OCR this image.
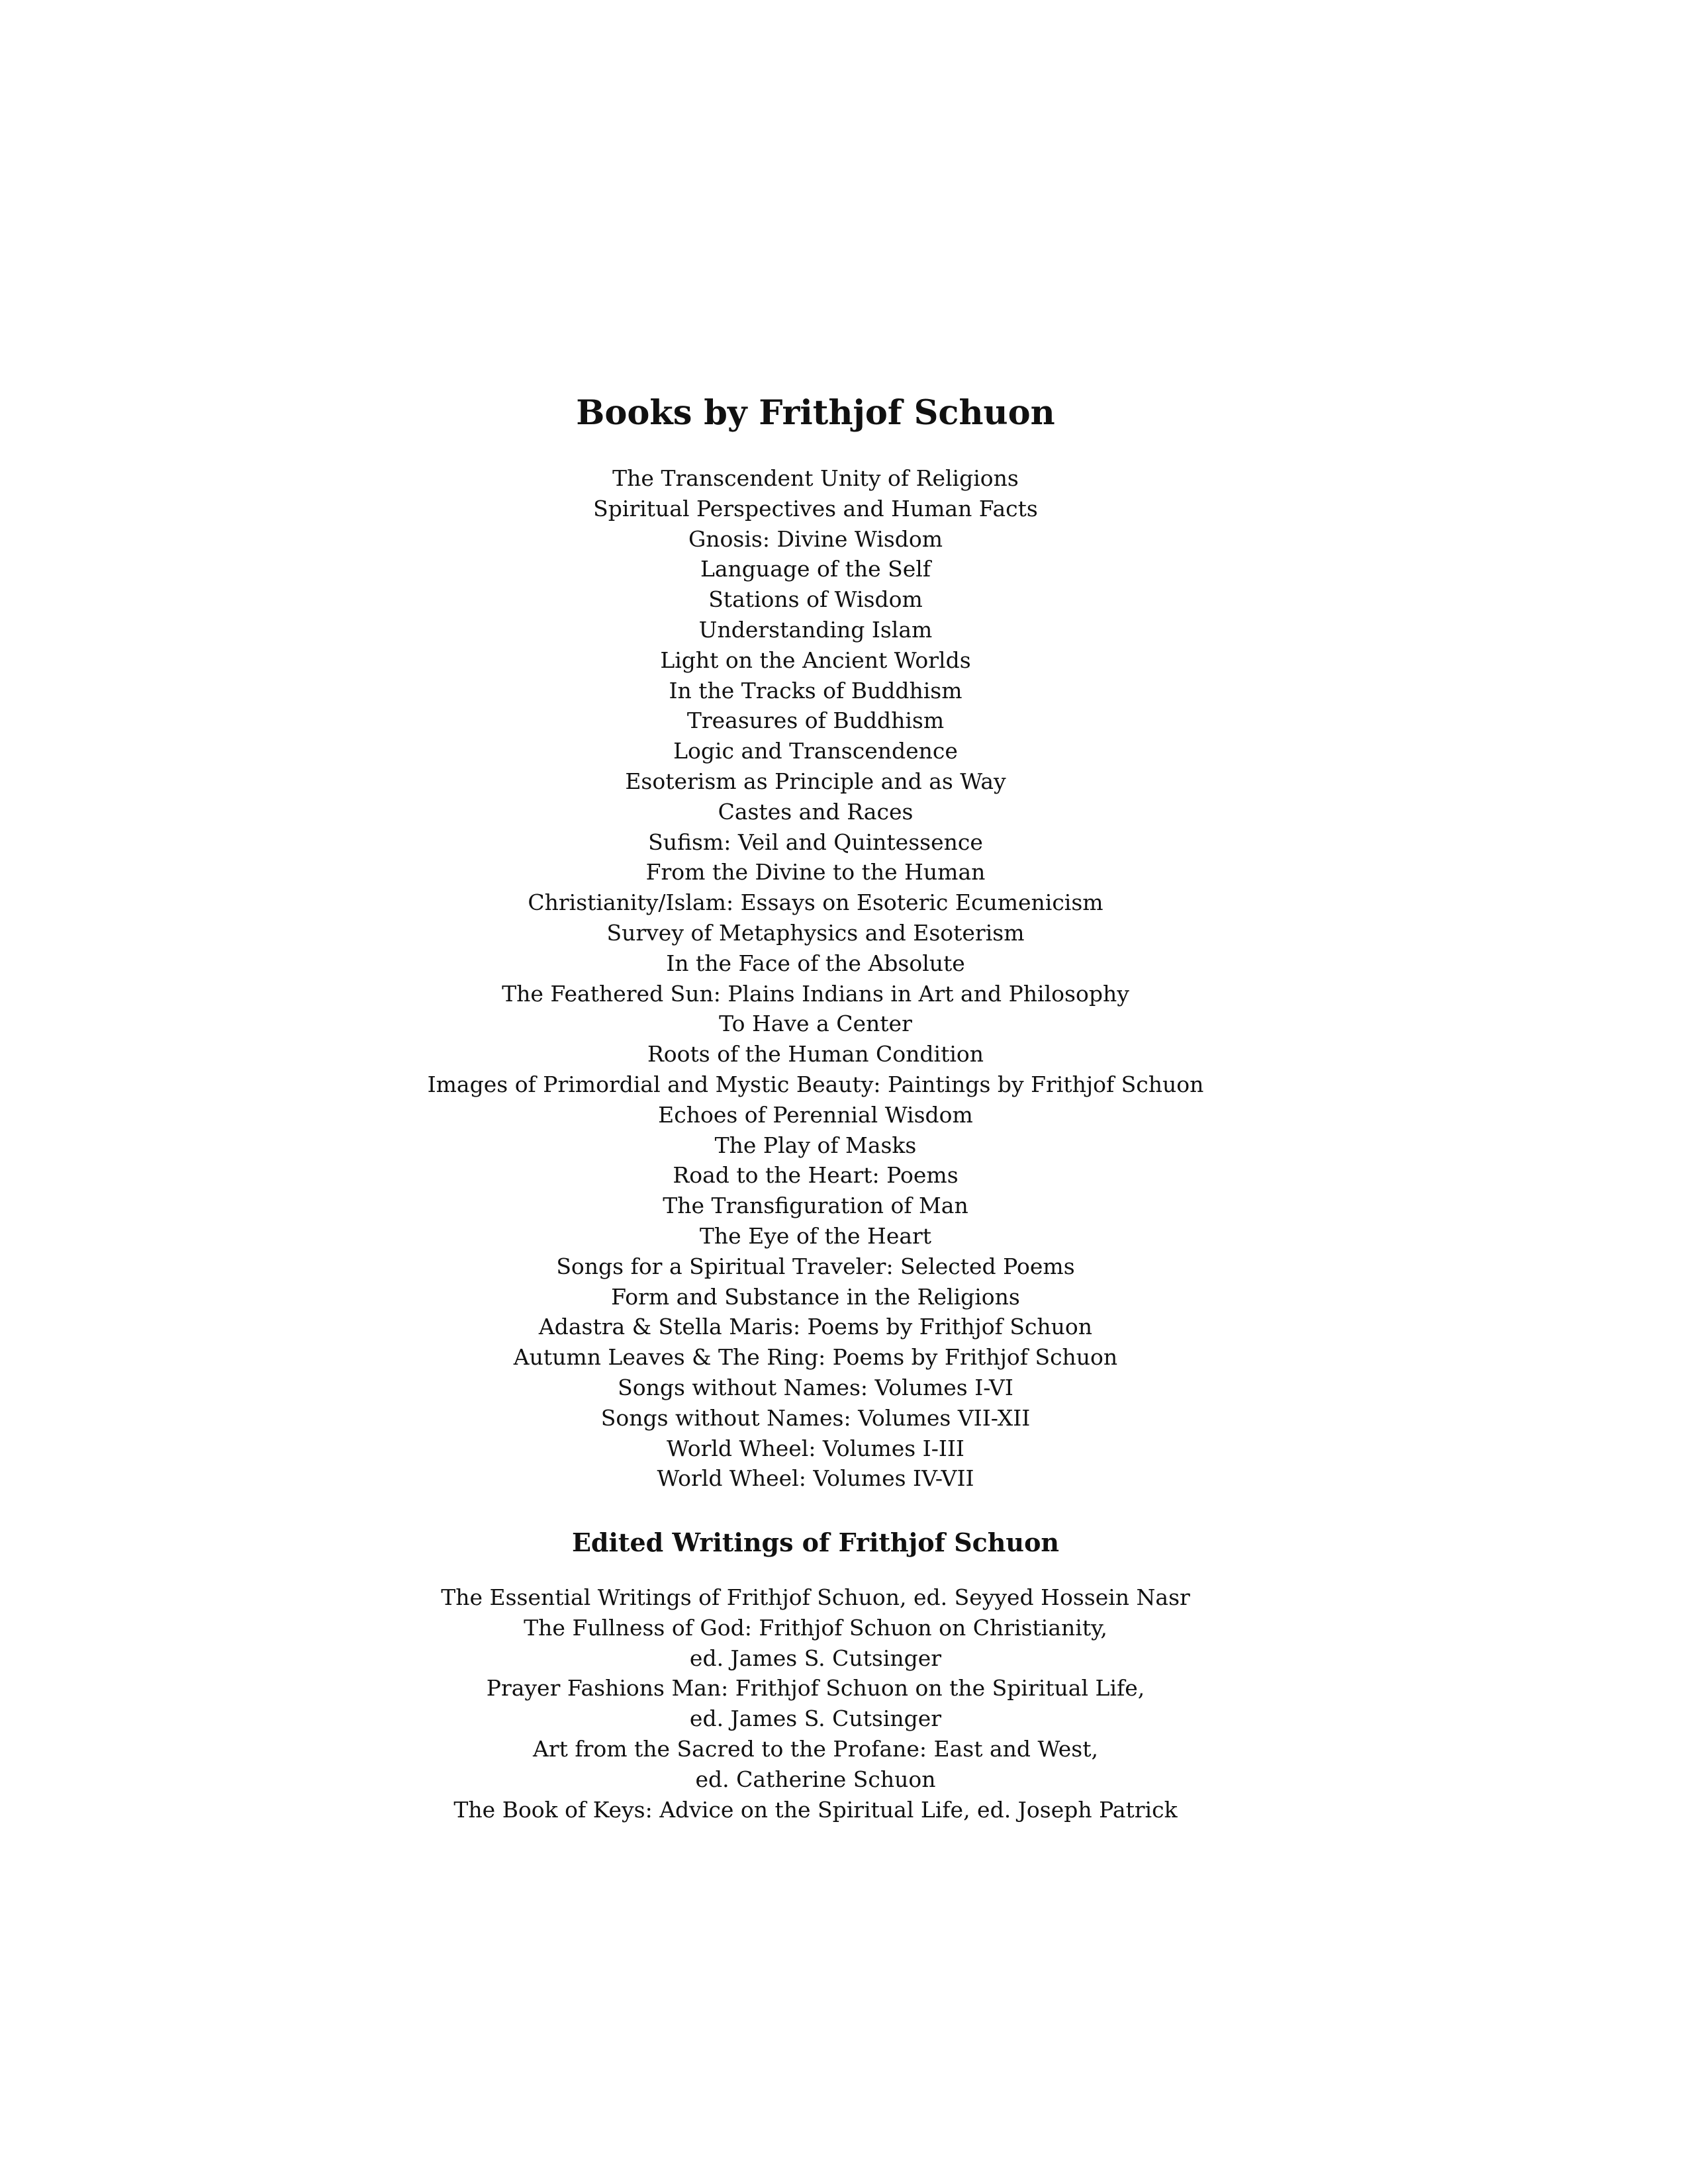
Books by Frithjof Schuon
The Transcendent Unity of Religions
Spiritual Perspectives and Human Facts
Gnosis: Divine Wisdom
Language of the Self
Stations of Wisdom
Understanding Islam
Light on the Ancient Worlds
In the Tracks of Buddhism
Treasures of Buddhism
Logic and Transcendence
Esoterism as Principle and as Way
Castes and Races
Sufism: Veil and Quintessence
From the Divine to the Human
Christianity/Islam: Essays on Esoteric Ecumenicism
Survey of Metaphysics and Esoterism
In the Face of the Absolute
The Feathered Sun: Plains Indians in Art and Philosophy
To Have a Center
Roots of the Human Condition
Images of Primordial and Mystic Beauty: Paintings by Frithjof Schuon
Echoes of Perennial Wisdom
The Play of Masks
Road to the Heart: Poems
The Transfiguration of Man
The Eye of the Heart
Songs for a Spiritual Traveler: Selected Poems
Form and Substance in the Religions
Adastra & Stella Maris: Poems by Frithjof Schuon
Autumn Leaves & The Ring: Poems by Frithjof Schuon
Songs without Names: Volumes I-VI
Songs without Names: Volumes VII-XII
World Wheel: Volumes I-III
World Wheel: Volumes IV-VII
Edited Writings of Frithjof Schuon
The Essential Writings of Frithjof Schuon, ed. Seyyed Hossein Nasr
The Fullness of God: Frithjof Schuon on Christianity,
ed. James S. Cutsinger
Prayer Fashions Man: Frithjof Schuon on the Spiritual Life,
ed. James S. Cutsinger
Art from the Sacred to the Profane: East and West,
ed. Catherine Schuon
The Book of Keys: Advice on the Spiritual Life, ed. Joseph Patrick
